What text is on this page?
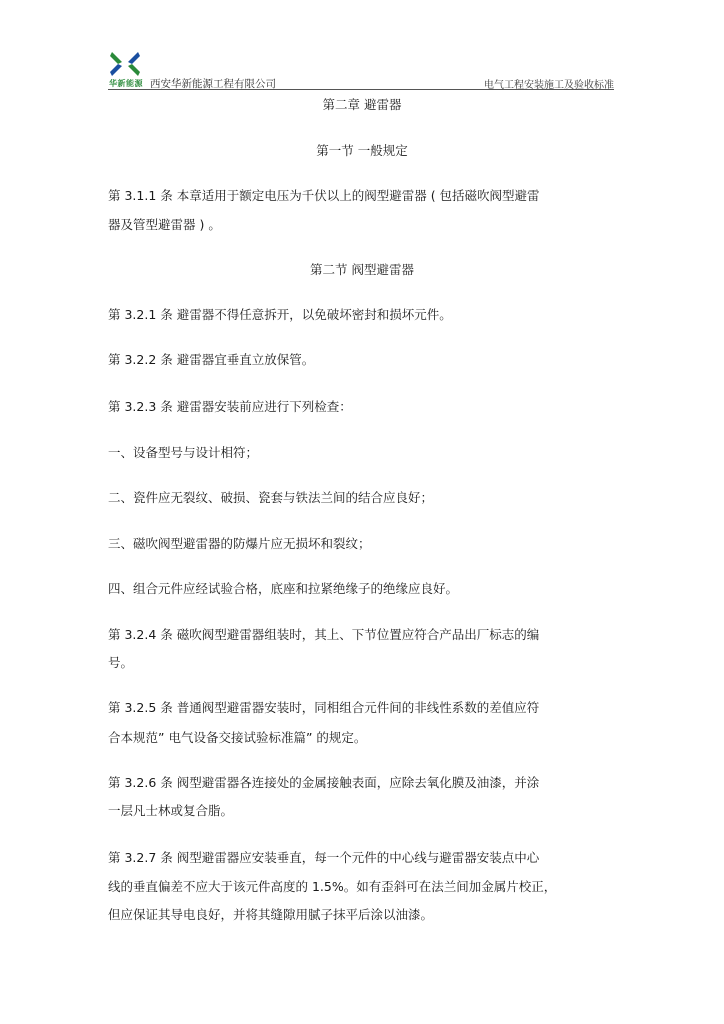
华新能源 西安华新能源工程有限公司	电气工程安装施工及验收标准
第二章 避雷器
第一节 一般规定
第 3.1.1 条 本章适用于额定电压为千伏以上的阀型避雷器 ( 包括磁吹阀型避雷
器及管型避雷器 ) 。
第二节 阀型避雷器
第 3.2.1 条 避雷器不得任意拆开，以免破坏密封和损坏元件。
第 3.2.2 条 避雷器宜垂直立放保管。
第 3.2.3 条 避雷器安装前应进行下列检查：
一、设备型号与设计相符；
二、瓷件应无裂纹、破损、瓷套与铁法兰间的结合应良好；
三、磁吹阀型避雷器的防爆片应无损坏和裂纹；
四、组合元件应经试验合格，底座和拉紧绝缘子的绝缘应良好。
第 3.2.4 条 磁吹阀型避雷器组装时，其上、下节位置应符合产品出厂标志的编
号。
第 3.2.5 条 普通阀型避雷器安装时，同相组合元件间的非线性系数的差值应符
合本规范” 电气设备交接试验标准篇” 的规定。
第 3.2.6 条 阀型避雷器各连接处的金属接触表面，应除去氧化膜及油漆，并涂
一层凡士林或复合脂。
第 3.2.7 条 阀型避雷器应安装垂直，每一个元件的中心线与避雷器安装点中心
线的垂直偏差不应大于该元件高度的 1.5%。如有歪斜可在法兰间加金属片校正，
但应保证其导电良好，并将其缝隙用腻子抹平后涂以油漆。
